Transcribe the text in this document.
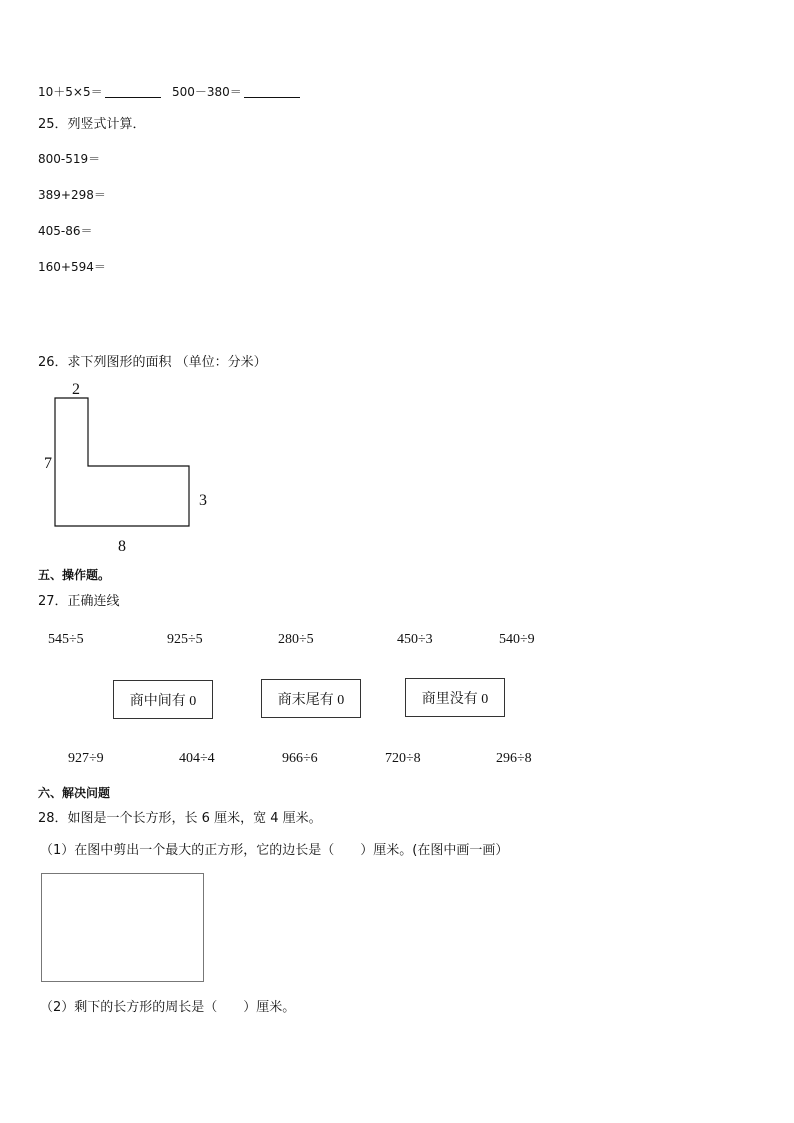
10＋5×5＝	500－380＝
25．列竖式计算．
800-519＝
389+298＝
405-86＝
160+594＝
26．求下列图形的面积 （单位：分米）
2
7
3
8
五、操作题。
27．正确连线
545÷5	925÷5	280÷5	450÷3	540÷9
商中间有 0	商末尾有 0	商里没有 0
927÷9	404÷4	966÷6	720÷8	296÷8
六、解决问题
28．如图是一个长方形，长 6 厘米，宽 4 厘米。
（1）在图中剪出一个最大的正方形，它的边长是（　　）厘米。(在图中画一画）
（2）剩下的长方形的周长是（　　）厘米。
